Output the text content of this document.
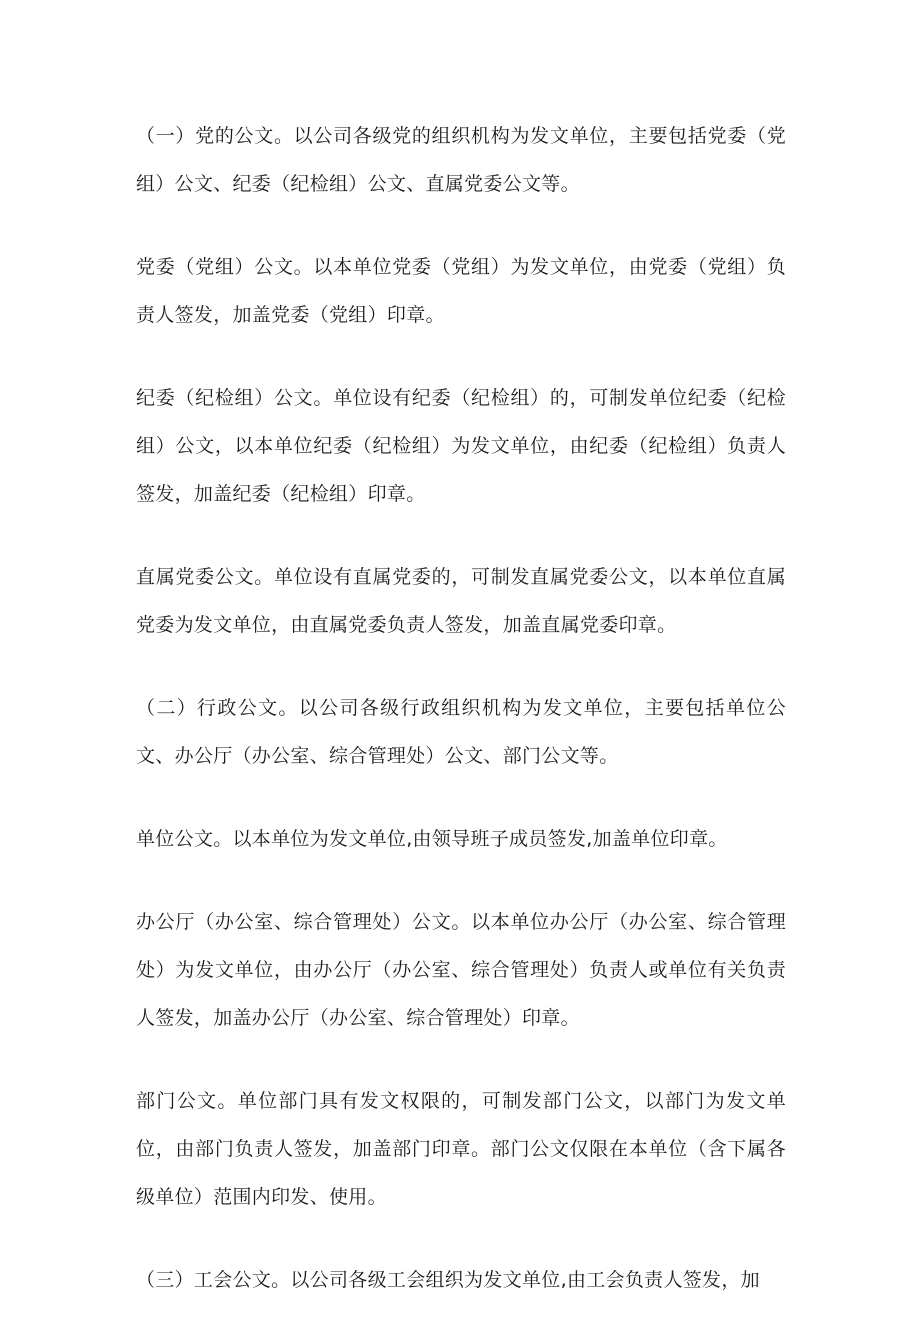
（一）党的公文。以公司各级党的组织机构为发文单位，主要包括党委（党组）公文、纪委（纪检组）公文、直属党委公文等。

党委（党组）公文。以本单位党委（党组）为发文单位，由党委（党组）负责人签发，加盖党委（党组）印章。

纪委（纪检组）公文。单位设有纪委（纪检组）的，可制发单位纪委（纪检组）公文，以本单位纪委（纪检组）为发文单位，由纪委（纪检组）负责人签发，加盖纪委（纪检组）印章。

直属党委公文。单位设有直属党委的，可制发直属党委公文，以本单位直属党委为发文单位，由直属党委负责人签发，加盖直属党委印章。

（二）行政公文。以公司各级行政组织机构为发文单位，主要包括单位公文、办公厅（办公室、综合管理处）公文、部门公文等。

单位公文。以本单位为发文单位,由领导班子成员签发,加盖单位印章。

办公厅（办公室、综合管理处）公文。以本单位办公厅（办公室、综合管理处）为发文单位，由办公厅（办公室、综合管理处）负责人或单位有关负责人签发，加盖办公厅（办公室、综合管理处）印章。

部门公文。单位部门具有发文权限的，可制发部门公文，以部门为发文单位，由部门负责人签发，加盖部门印章。部门公文仅限在本单位（含下属各级单位）范围内印发、使用。

（三）工会公文。以公司各级工会组织为发文单位,由工会负责人签发，加
